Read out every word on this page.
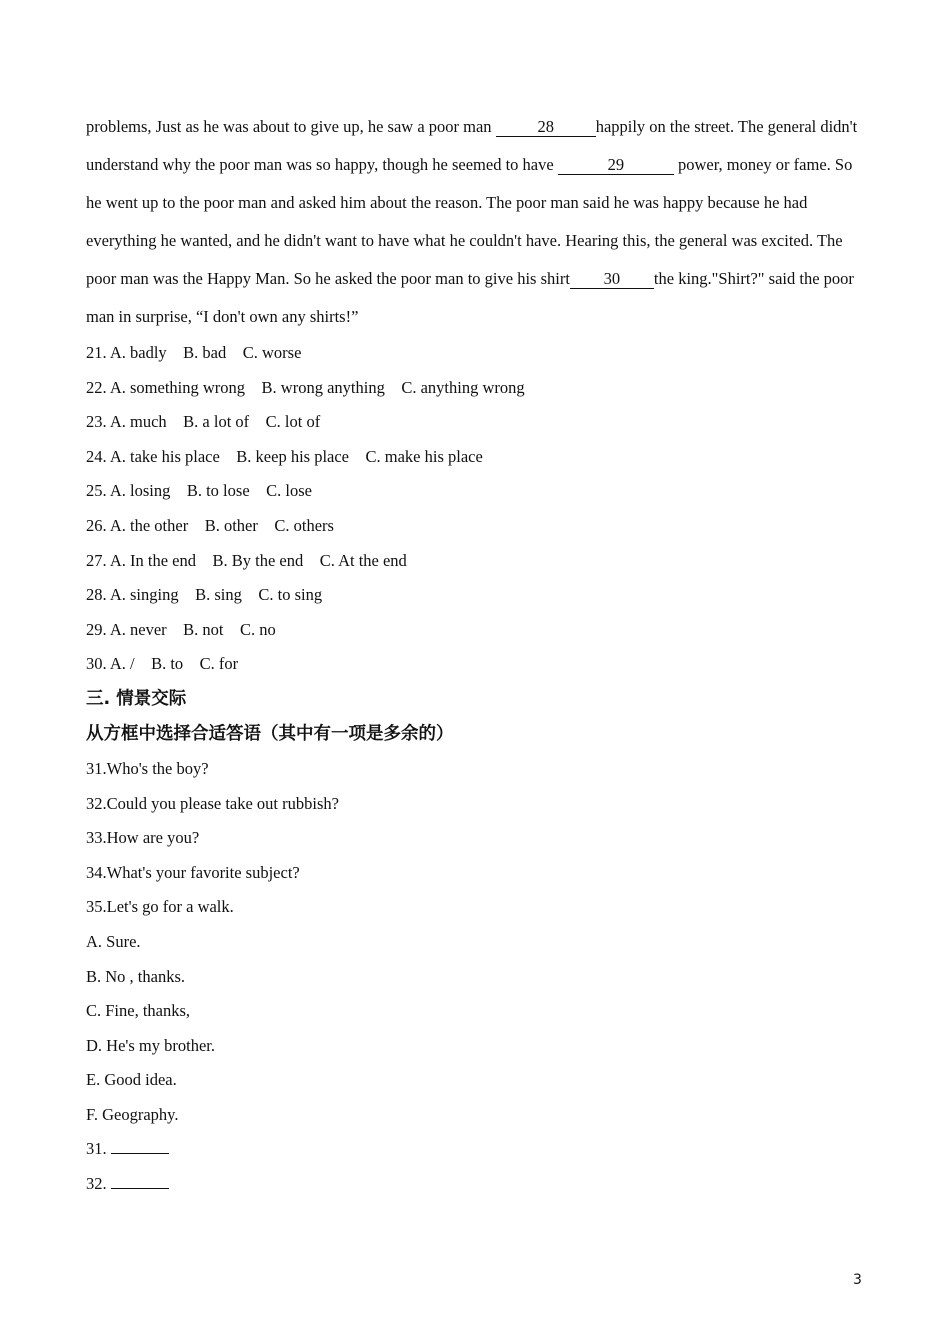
problems, Just as he was about to give up, he saw a poor man	28	happily on the street. The general didn't understand why the poor man was so happy, though he seemed to have	29	power, money or fame. So he went up to the poor man and asked him about the reason. The poor man said he was happy because he had everything he wanted, and he didn't want to have what he couldn't have. Hearing this, the general was excited. The poor man was the Happy Man. So he asked the poor man to give his shirt 30 the king."Shirt?" said the poor man in surprise, “I don't own any shirts!”

21. A. badly    B. bad    C. worse
22. A. something wrong    B. wrong anything    C. anything wrong
23. A. much    B. a lot of    C. lot of
24. A. take his place    B. keep his place    C. make his place
25. A. losing    B. to lose    C. lose
26. A. the other    B. other    C. others
27. A. In the end    B. By the end    C. At the end
28. A. singing    B. sing    C. to sing
29. A. never    B. not    C. no
30. A. /    B. to    C. for
三. 情景交际
从方框中选择合适答语（其中有一项是多余的）
31.Who's the boy?
32.Could you please take out rubbish?
33.How are you?
34.What's your favorite subject?
35.Let's go for a walk.
A. Sure.
B. No , thanks.
C. Fine, thanks,
D. He's my brother.
E. Good idea.
F. Geography.
31.
32.
3
